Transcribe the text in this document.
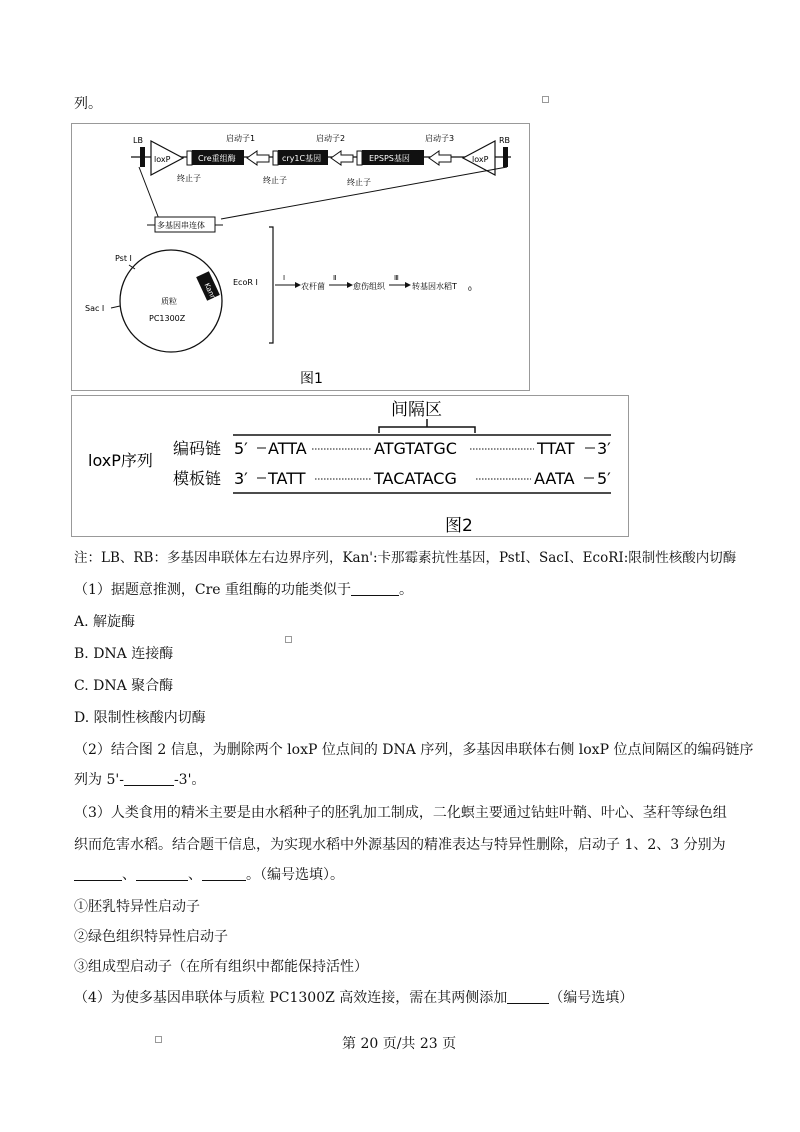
列。
LB
loxP	Cre重组酶
启动子1
cry1C基因
启动子2
EPSPS基因
启动子3
loxP
RB
终止子	终止子	终止子
多基因串连体
Kanr
质粒
PC1300Z
Pst Ⅰ
Sac Ⅰ
EcoR Ⅰ	Ⅰ
农杆菌
Ⅱ
愈伤组织
Ⅲ
转基因水稻T 0
图1
间隔区
loxP序列
编码链
模板链
5′ ATTA	ATGTATGC	TTAT 3′
3′ TATT	TACATACG	AATA 5′
图2
注：LB、RB：多基因串联体左右边界序列，Kan':卡那霉素抗性基因，PstI、SacI、EcoRI:限制性核酸内切酶
（1）据题意推测，Cre 重组酶的功能类似于	。
A. 解旋酶
B. DNA 连接酶
C. DNA 聚合酶
D. 限制性核酸内切酶
（2）结合图 2 信息，为删除两个 loxP 位点间的 DNA 序列，多基因串联体右侧 loxP 位点间隔区的编码链序
列为 5'-	-3'。
（3）人类食用的精米主要是由水稻种子的胚乳加工制成，二化螟主要通过钻蛀叶鞘、叶心、茎秆等绿色组
织而危害水稻。结合题干信息，为实现水稻中外源基因的精准表达与特异性删除，启动子 1、2、3 分别为
、	、	。（编号选填）。
①胚乳特异性启动子
②绿色组织特异性启动子
③组成型启动子（在所有组织中都能保持活性）
（4）为使多基因串联体与质粒 PC1300Z 高效连接，需在其两侧添加	（编号选填）
第 20 页/共 23 页
